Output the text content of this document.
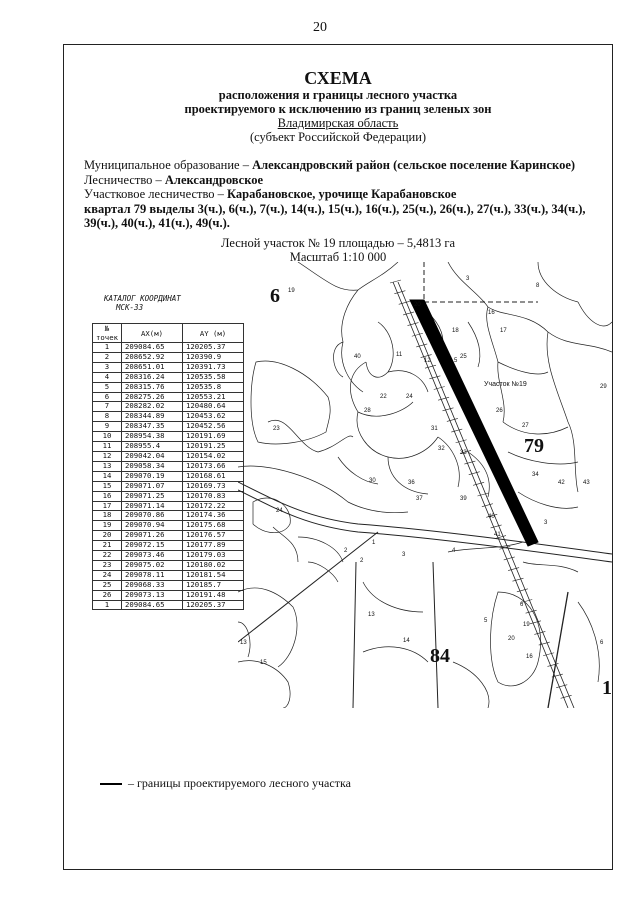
20
СХЕМА
расположения и границы лесного участка
проектируемого к исключению из границ зеленых зон
Владимирская область
(субъект Российской Федерации)
Муниципальное образование – Александровский район (сельское поселение Каринское)
Лесничество – Александровское
Участковое лесничество – Карабановское, урочище Карабановское
квартал 79 выделы 3(ч.), 6(ч.), 7(ч.), 14(ч.), 15(ч.), 16(ч.), 25(ч.), 26(ч.), 27(ч.), 33(ч.), 34(ч.), 39(ч.), 40(ч.), 41(ч.), 49(ч.).
Лесной участок № 19 площадью – 5,4813 га
Масштаб 1:10 000
КАТАЛОГ КООРДИНАТ
МСК-33
№
точек	AX(м)	AY (м)
1	209084.65	120205.37
2	208652.92	120390.9
3	208651.01	120391.73
4	208316.24	120535.58
5	208315.76	120535.8
6	208275.26	120553.21
7	208282.02	120480.64
8	208344.89	120453.62
9	208347.35	120452.56
10	208954.38	120191.69
11	208955.4	120191.25
12	209042.04	120154.02
13	209058.34	120173.66
14	209070.19	120168.61
15	209071.07	120169.73
16	209071.25	120170.83
17	209071.14	120172.22
18	209070.86	120174.36
19	209070.94	120175.68
20	209071.26	120176.57
21	209072.15	120177.89
22	209073.46	120179.03
23	209075.02	120180.02
24	209078.11	120181.54
25	209068.33	120185.7
26	209073.13	120191.48
1	209084.65	120205.37
6
79
84
1
Участок №19
19
3
8
20
18	17
16
5
11
12
40	25
29
22	24
28
23	31
26
27
33
32
30	36
37	39
34
42	43
24
40
41
3
2
1
3
4
2
6
5
13
14
16
19
13
15
6
20
– границы проектируемого лесного участка
